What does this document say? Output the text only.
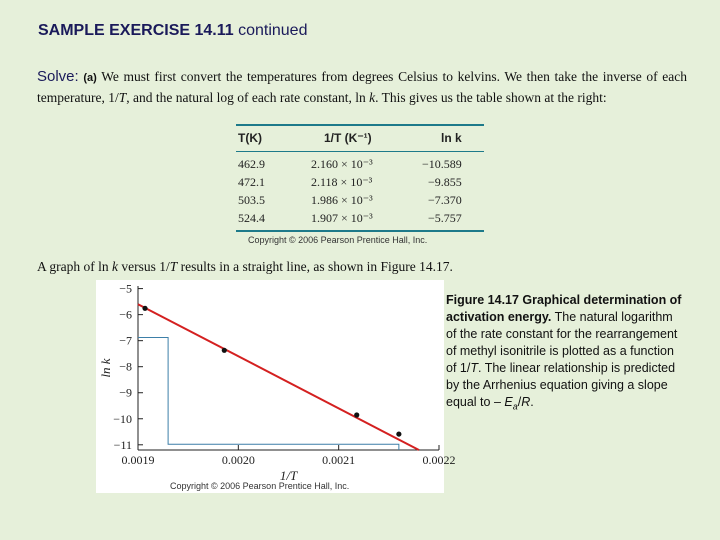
SAMPLE EXERCISE 14.11 continued
Solve: (a) We must first convert the temperatures from degrees Celsius to kelvins. We then take the inverse of each temperature, 1/T, and the natural log of each rate constant, ln k. This gives us the table shown at the right:
T(K)	1/T (K⁻¹)	ln k
462.9	2.160 × 10⁻³	−10.589
472.1	2.118 × 10⁻³	−9.855
503.5	1.986 × 10⁻³	−7.370
524.4	1.907 × 10⁻³	−5.757
Copyright © 2006 Pearson Prentice Hall, Inc.
A graph of ln k versus 1/T results in a straight line, as shown in Figure 14.17.
−5
−6
−7
−8
−9
−10
−11
0.0019	0.0020	0.0021	0.0022
ln k
1/T
Copyright © 2006 Pearson Prentice Hall, Inc.
Figure 14.17 Graphical determination of activation energy. The natural logarithm of the rate constant for the rearrangement of methyl isonitrile is plotted as a function of 1/T. The linear relationship is predicted by the Arrhenius equation giving a slope equal to – $E_a/R$.
